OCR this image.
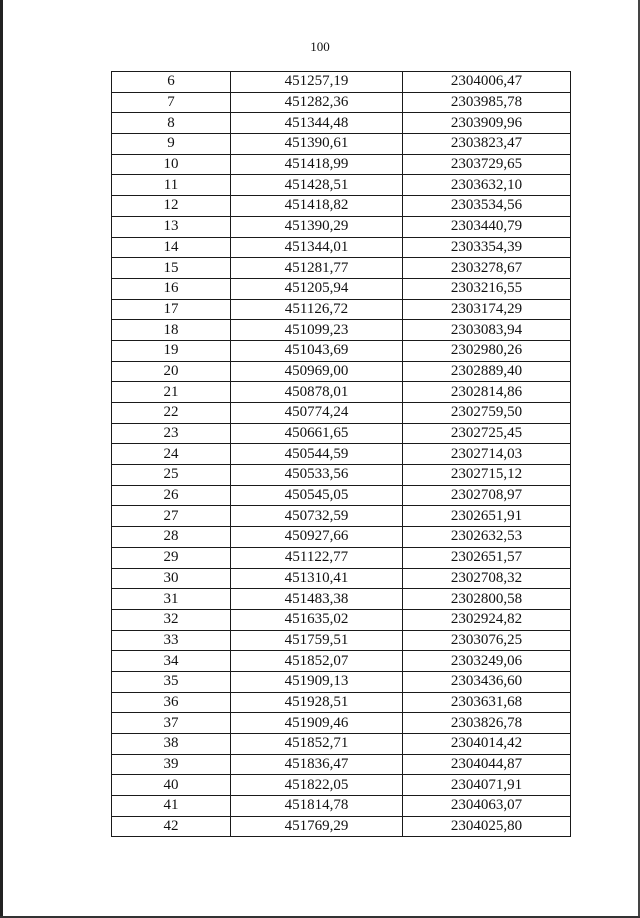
100
6	451257,19	2304006,47
7	451282,36	2303985,78
8	451344,48	2303909,96
9	451390,61	2303823,47
10	451418,99	2303729,65
11	451428,51	2303632,10
12	451418,82	2303534,56
13	451390,29	2303440,79
14	451344,01	2303354,39
15	451281,77	2303278,67
16	451205,94	2303216,55
17	451126,72	2303174,29
18	451099,23	2303083,94
19	451043,69	2302980,26
20	450969,00	2302889,40
21	450878,01	2302814,86
22	450774,24	2302759,50
23	450661,65	2302725,45
24	450544,59	2302714,03
25	450533,56	2302715,12
26	450545,05	2302708,97
27	450732,59	2302651,91
28	450927,66	2302632,53
29	451122,77	2302651,57
30	451310,41	2302708,32
31	451483,38	2302800,58
32	451635,02	2302924,82
33	451759,51	2303076,25
34	451852,07	2303249,06
35	451909,13	2303436,60
36	451928,51	2303631,68
37	451909,46	2303826,78
38	451852,71	2304014,42
39	451836,47	2304044,87
40	451822,05	2304071,91
41	451814,78	2304063,07
42	451769,29	2304025,80
